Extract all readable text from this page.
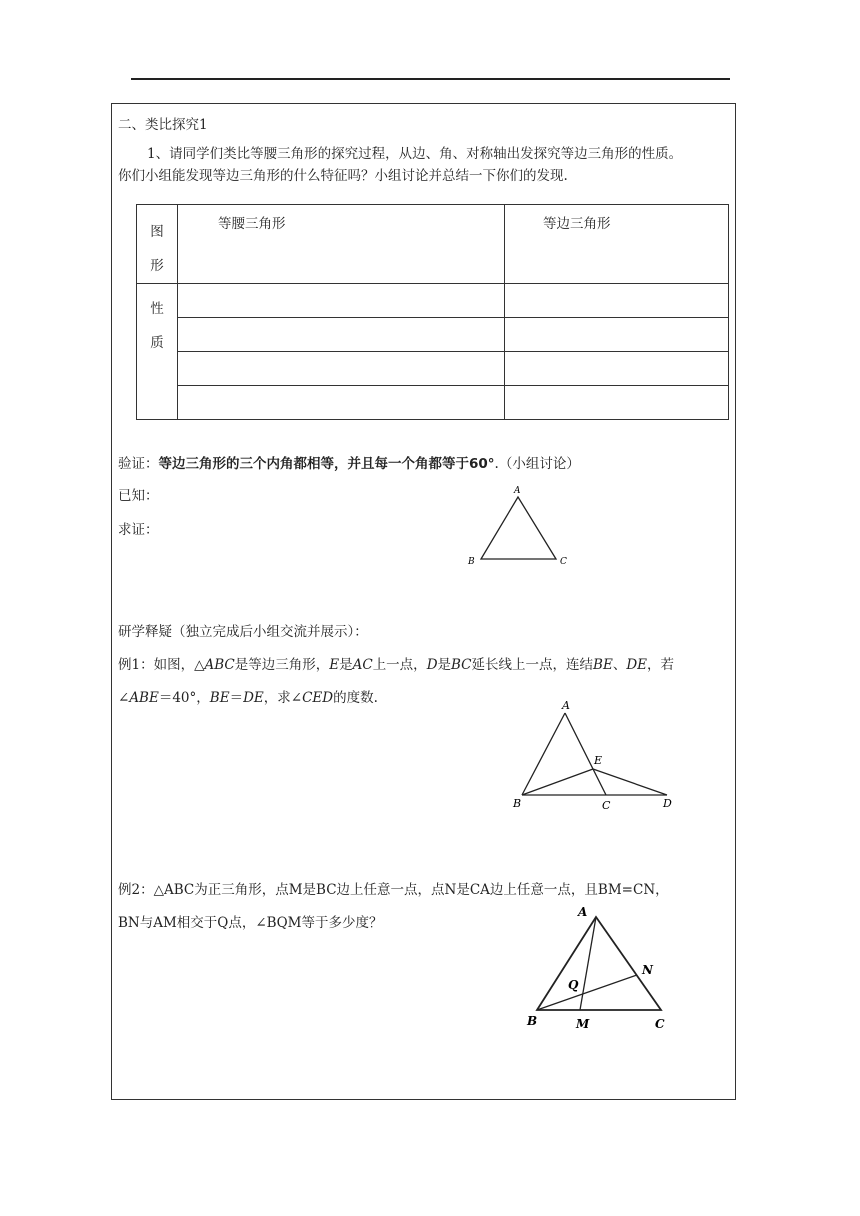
二、类比探究1
1、请同学们类比等腰三角形的探究过程，从边、角、对称轴出发探究等边三角形的性质。
你们小组能发现等边三角形的什么特征吗？小组讨论并总结一下你们的发现.
图
形	等腰三角形	等边三角形
性
质		

验证：等边三角形的三个内角都相等，并且每一个角都等于60°.（小组讨论）
已知：
求证：
A
B	C
研学释疑（独立完成后小组交流并展示）：
例1：如图，△ABC是等边三角形，E是AC上一点，D是BC延长线上一点，连结BE、DE，若
∠ABE＝40°，BE＝DE，求∠CED的度数.	A
B	C	D
E
例2：△ABC为正三角形，点M是BC边上任意一点，点N是CA边上任意一点，且BM=CN，
BN与AM相交于Q点，∠BQM等于多少度？
A
B	C
M
N
Q
